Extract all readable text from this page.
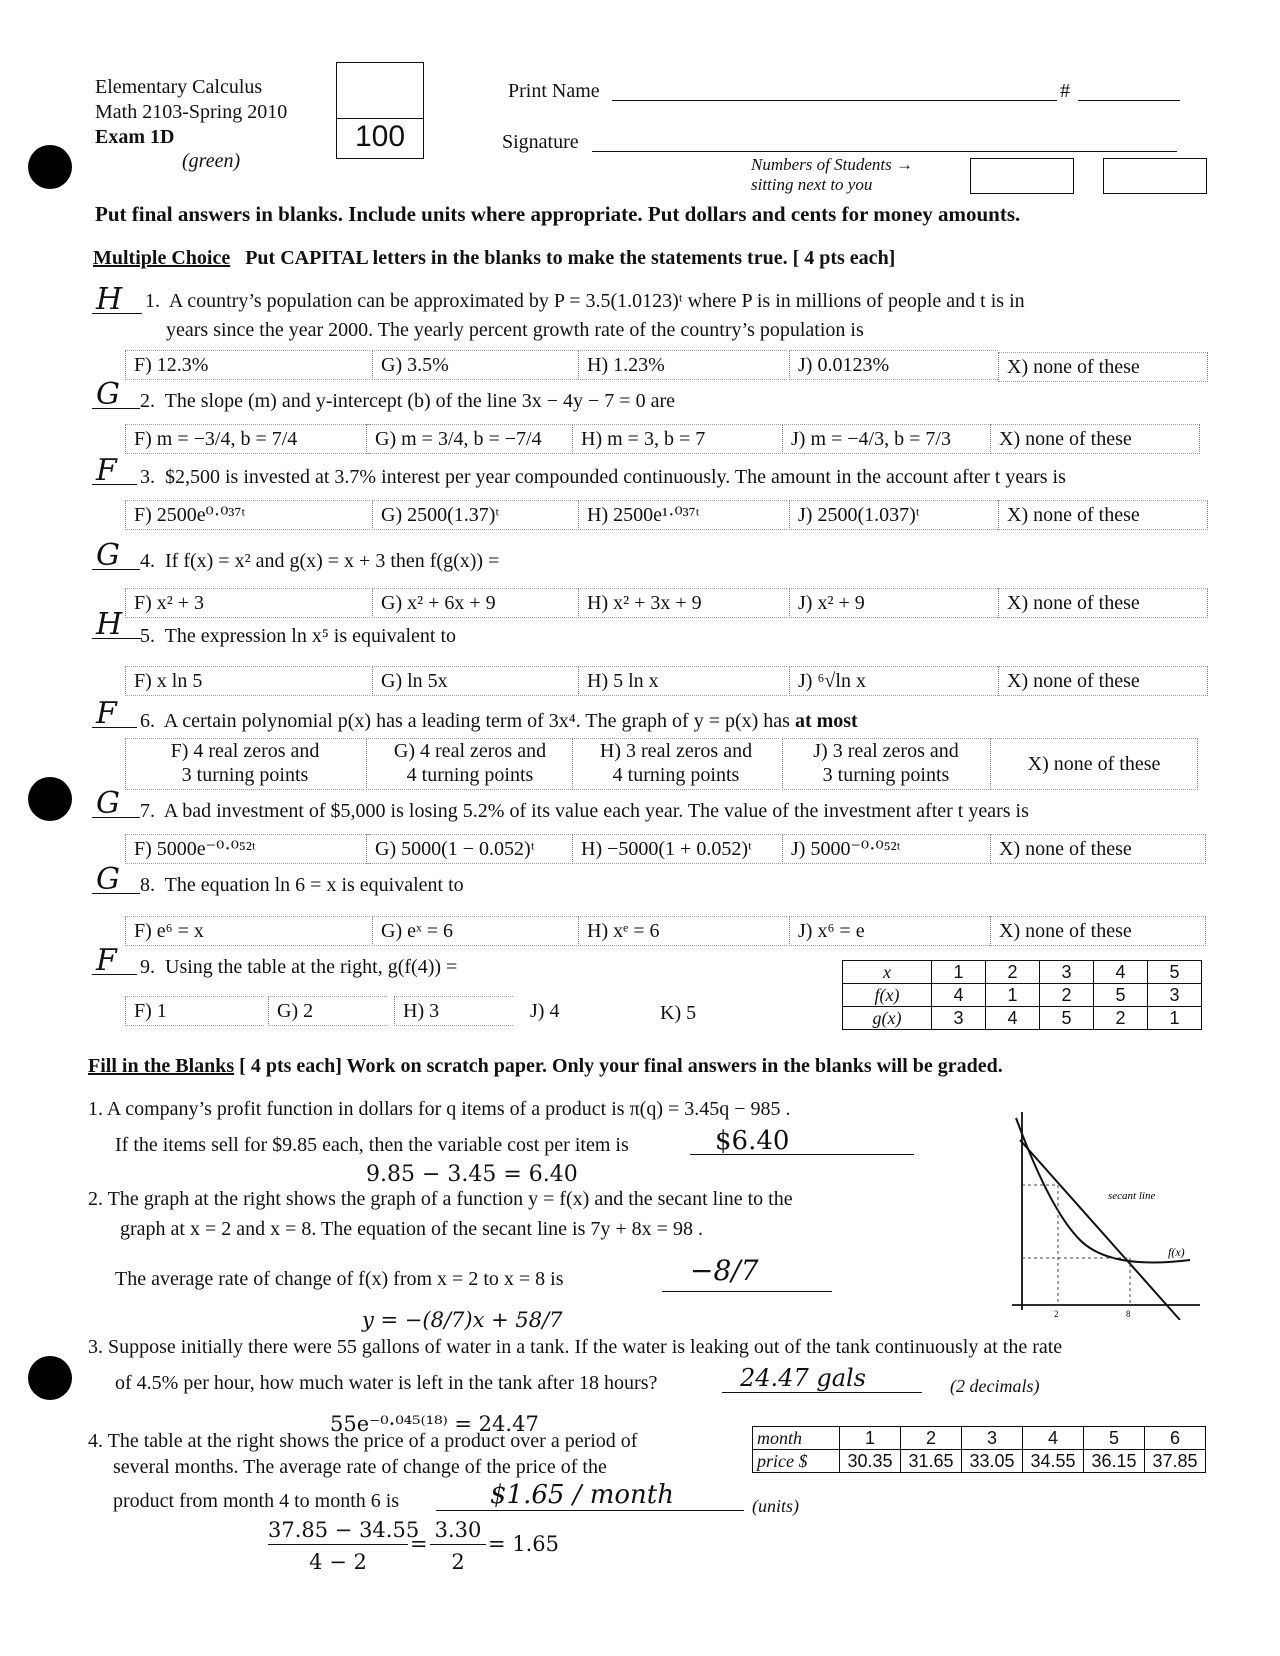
Elementary Calculus
Math 2103-Spring 2010
Exam 1D
(green)
100
Print Name	#
Signature
Numbers of Students →
sitting next to you
Put final answers in blanks. Include units where appropriate. Put dollars and cents for money amounts.
Multiple Choice Put CAPITAL letters in the blanks to make the statements true. [ 4 pts each]
H 1. A country’s population can be approximated by P = 3.5(1.0123)ᵗ where P is in millions of people and t is in
years since the year 2000. The yearly percent growth rate of the country’s population is
F) 12.3%	G) 3.5%	H) 1.23%	J) 0.0123%	X) none of these
G 2. The slope (m) and y-intercept (b) of the line 3x − 4y − 7 = 0 are
F) m = −3/4, b = 7/4	G) m = 3/4, b = −7/4	H) m = 3, b = 7	J) m = −4/3, b = 7/3	X) none of these
F 3. $2,500 is invested at 3.7% interest per year compounded continuously. The amount in the account after t years is
F) 2500e⁰·⁰³⁷ᵗ	G) 2500(1.37)ᵗ	H) 2500e¹·⁰³⁷ᵗ	J) 2500(1.037)ᵗ	X) none of these
G 4. If f(x) = x² and g(x) = x + 3 then f(g(x)) =
F) x² + 3	G) x² + 6x + 9	H) x² + 3x + 9	J) x² + 9	X) none of these
H 5. The expression ln x⁵ is equivalent to
F) x ln 5	G) ln 5x	H) 5 ln x	J) ⁶√ln x	X) none of these
F 6. A certain polynomial p(x) has a leading term of 3x⁴. The graph of y = p(x) has at most
F) 4 real zeros and
3 turning points
G) 4 real zeros and
4 turning points
H) 3 real zeros and
4 turning points
J) 3 real zeros and
3 turning points	X) none of these
G 7. A bad investment of $5,000 is losing 5.2% of its value each year. The value of the investment after t years is
F) 5000e⁻⁰·⁰⁵²ᵗ	G) 5000(1 − 0.052)ᵗ	H) −5000(1 + 0.052)ᵗ	J) 5000⁻⁰·⁰⁵²ᵗ	X) none of these
G 8. The equation ln 6 = x is equivalent to
F) e⁶ = x	G) eˣ = 6	H) xᵉ = 6	J) x⁶ = e	X) none of these
F 9. Using the table at the right, g(f(4)) =
F) 1	G) 2	H) 3	J) 4	K) 5
x	1	2	3	4	5
f(x)	4	1	2	5	3
g(x)	3	4	5	2	1
Fill in the Blanks [ 4 pts each] Work on scratch paper. Only your final answers in the blanks will be graded.
1. A company’s profit function in dollars for q items of a product is π(q) = 3.45q − 985 .
If the items sell for $9.85 each, then the variable cost per item is	$6.40
9.85 − 3.45 = 6.40
2. The graph at the right shows the graph of a function y = f(x) and the secant line to the
graph at x = 2 and x = 8. The equation of the secant line is 7y + 8x = 98 .
The average rate of change of f(x) from x = 2 to x = 8 is	−8/7
y = −(8/7)x + 58/7
secant line
f(x)
2	8
3. Suppose initially there were 55 gallons of water in a tank. If the water is leaking out of the tank continuously at the rate
of 4.5% per hour, how much water is left in the tank after 18 hours?	24.47 gals	(2 decimals)
55e⁻⁰·⁰⁴⁵⁽¹⁸⁾ = 24.47
4. The table at the right shows the price of a product over a period of
several months. The average rate of change of the price of the
product from month 4 to month 6 is	$1.65 / month	(units)
37.85 − 34.55
4 − 2
=
3.30
2
= 1.65
month	1	2	3	4	5	6
price $	30.35	31.65	33.05	34.55	36.15	37.85
